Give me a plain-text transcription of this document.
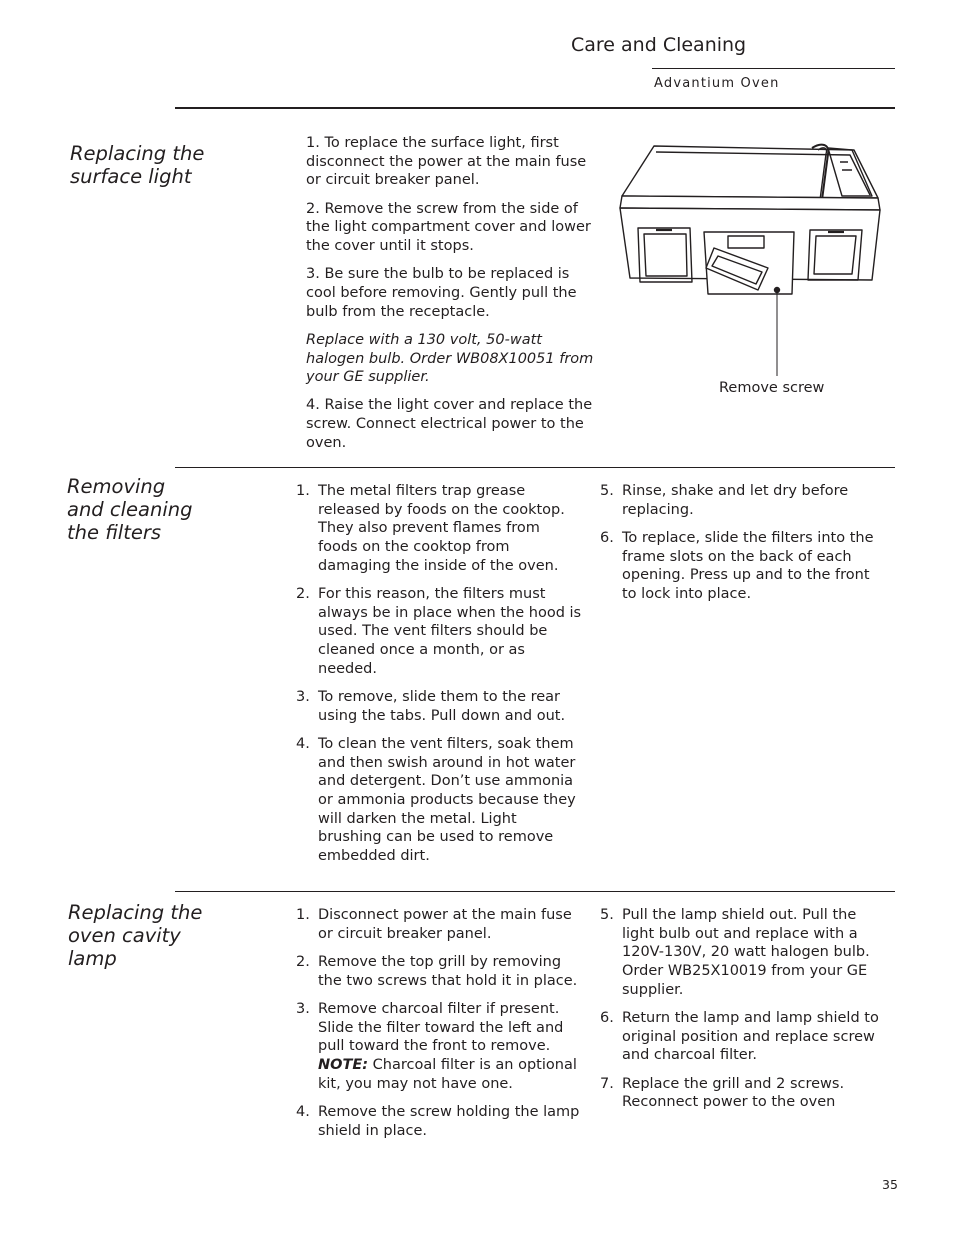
Care and Cleaning
Advantium Oven
Replacing the
surface light

1. To replace the surface light, first disconnect the power at the main fuse or circuit breaker panel.

2. Remove the screw from the side of the light compartment cover and lower the cover until it stops.

3. Be sure the bulb to be replaced is cool before removing. Gently pull the bulb from the receptacle.

Replace with a 130 volt, 50-watt halogen bulb. Order WB08X10051 from your GE supplier.

4. Raise the light cover and replace the screw. Connect electrical power to the oven.

Remove screw
Removing
and cleaning
the filters
1. The metal filters trap grease released by foods on the cooktop. They also prevent flames from foods on the cooktop from damaging the inside of the oven.
2. For this reason, the filters must always be in place when the hood is used. The vent filters should be cleaned once a month, or as needed.
3. To remove, slide them to the rear using the tabs. Pull down and out.
4. To clean the vent filters, soak them and then swish around in hot water and detergent. Don’t use ammonia or ammonia products because they will darken the metal. Light brushing can be used to remove embedded dirt.
5. Rinse, shake and let dry before replacing.
6. To replace, slide the filters into the frame slots on the back of each opening. Press up and to the front to lock into place.
Replacing the
oven cavity
lamp
1. Disconnect power at the main fuse or circuit breaker panel.
2. Remove the top grill by removing the two screws that hold it in place.
3. Remove charcoal filter if present. Slide the filter toward the left and pull toward the front to remove.
NOTE: Charcoal filter is an optional kit, you may not have one.
4. Remove the screw holding the lamp shield in place.
5. Pull the lamp shield out. Pull the light bulb out and replace with a 120V-130V, 20 watt halogen bulb. Order WB25X10019 from your GE supplier.
6. Return the lamp and lamp shield to original position and replace screw and charcoal filter.
7. Replace the grill and 2 screws. Reconnect power to the oven
35
